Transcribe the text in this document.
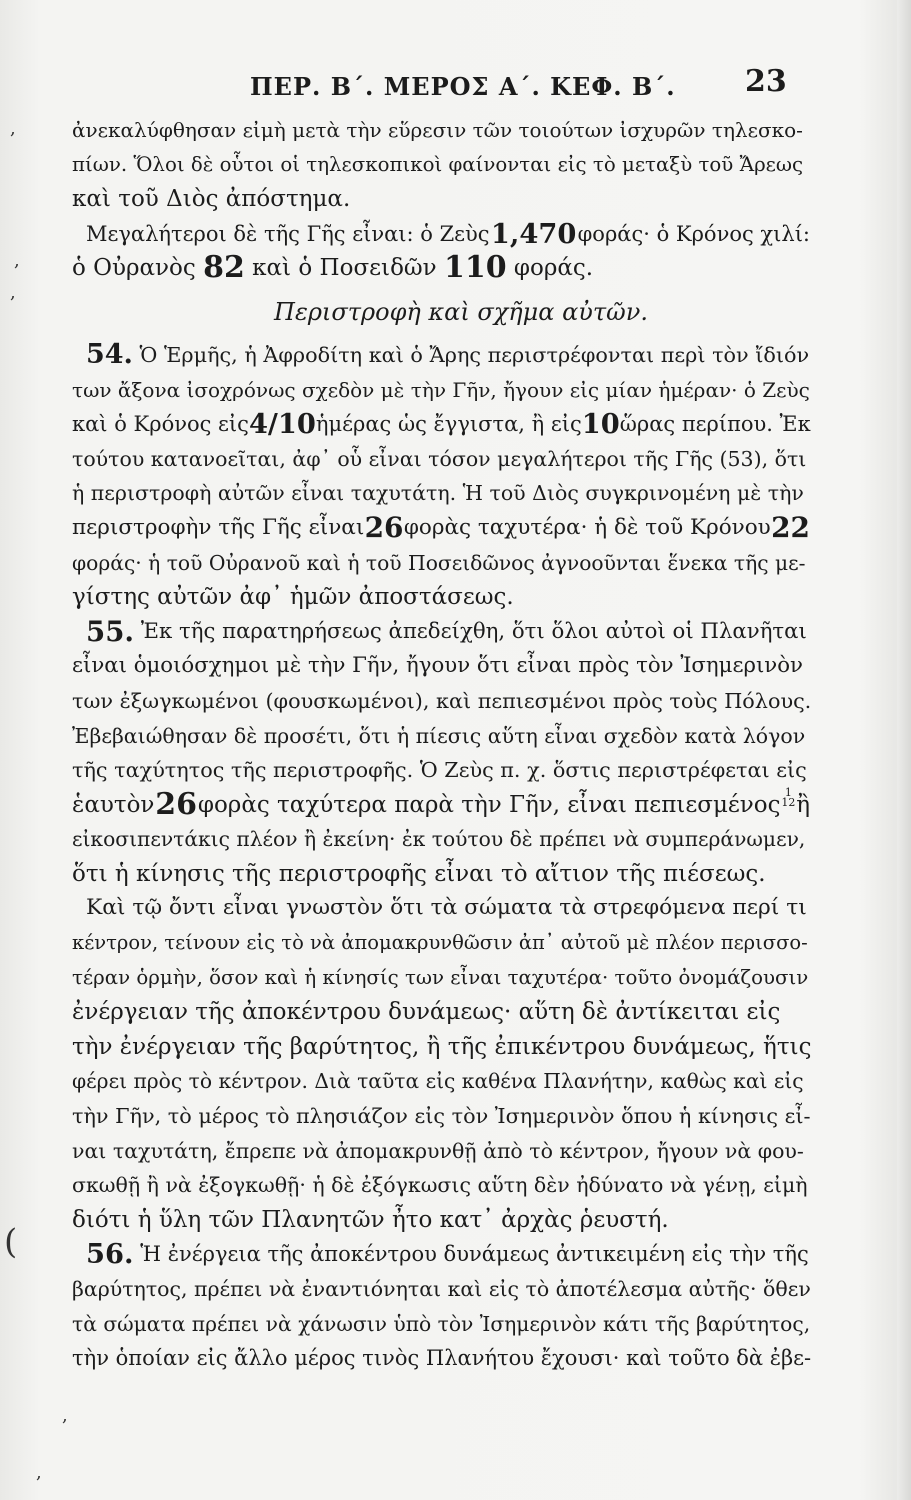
ΠΕΡ. Β΄. ΜΕΡΟΣ Α΄. ΚΕΦ. Β΄. 23
,
,
,
(
,
,
ἀνεκαλύφθησαν εἰμὴ μετὰ τὴν εὕρεσιν τῶν τοιούτων ἰσχυρῶν τηλεσκο-
πίων. Ὅλοι δὲ οὗτοι οἱ τηλεσκοπικοὶ φαίνονται εἰς τὸ μεταξὺ τοῦ Ἄρεως
καὶ τοῦ Διὸς ἀπόστημα.
Μεγαλήτεροι δὲ τῆς Γῆς εἶναι: ὁ Ζεὺς 1,470 φοράς· ὁ Κρόνος χιλί:
ὁ Οὐρανὸς
82
καὶ ὁ Ποσειδῶν
110
φοράς.
Περιστροφὴ καὶ σχῆμα αὐτῶν.
54.
Ὁ Ἑρμῆς, ἡ Ἀφροδίτη καὶ ὁ Ἄρης περιστρέφονται περὶ τὸν ἴδιόν
των ἄξονα ἰσοχρόνως σχεδὸν μὲ τὴν Γῆν, ἤγουν εἰς μίαν ἡμέραν· ὁ Ζεὺς
καὶ ὁ Κρόνος εἰς 4/10 ἡμέρας ὡς ἔγγιστα, ἢ εἰς 10 ὥρας περίπου. Ἐκ
τούτου κατανοεῖται, ἀφ᾽ οὗ εἶναι τόσον μεγαλήτεροι τῆς Γῆς (53), ὅτι
ἡ περιστροφὴ αὐτῶν εἶναι ταχυτάτη. Ἡ τοῦ Διὸς συγκρινομένη μὲ τὴν
περιστροφὴν τῆς Γῆς εἶναι 26 φορὰς ταχυτέρα· ἡ δὲ τοῦ Κρόνου 22
φοράς· ἡ τοῦ Οὐρανοῦ καὶ ἡ τοῦ Ποσειδῶνος ἀγνοοῦνται ἕνεκα τῆς με-
γίστης αὐτῶν ἀφ᾽ ἡμῶν ἀποστάσεως.
55.
Ἐκ τῆς παρατηρήσεως ἀπεδείχθη, ὅτι ὅλοι αὐτοὶ οἱ Πλανῆται
εἶναι ὁμοιόσχημοι μὲ τὴν Γῆν, ἤγουν ὅτι εἶναι πρὸς τὸν Ἰσημερινὸν
των ἐξωγκωμένοι (φουσκωμένοι), καὶ πεπιεσμένοι πρὸς τοὺς Πόλους.
Ἐβεβαιώθησαν δὲ προσέτι, ὅτι ἡ πίεσις αὕτη εἶναι σχεδὸν κατὰ λόγον
τῆς ταχύτητος τῆς περιστροφῆς. Ὁ Ζεὺς π. χ. ὅστις περιστρέφεται εἰς
ἑαυτὸν 26 φορὰς ταχύτερα παρὰ τὴν Γῆν, εἶναι πεπιεσμένος 1
12 ἢ
εἰκοσιπεντάκις πλέον ἢ ἐκείνη· ἐκ τούτου δὲ πρέπει νὰ συμπεράνωμεν,
ὅτι ἡ κίνησις τῆς περιστροφῆς εἶναι τὸ αἴτιον τῆς πιέσεως.
Καὶ τῷ ὄντι εἶναι γνωστὸν ὅτι τὰ σώματα τὰ στρεφόμενα περί τι
κέντρον, τείνουν εἰς τὸ νὰ ἀπομακρυνθῶσιν ἀπ᾽ αὐτοῦ μὲ πλέον περισσο-
τέραν ὁρμὴν, ὅσον καὶ ἡ κίνησίς των εἶναι ταχυτέρα· τοῦτο ὀνομάζουσιν
ἐνέργειαν τῆς ἀποκέντρου δυνάμεως· αὕτη δὲ ἀντίκειται εἰς
τὴν ἐνέργειαν τῆς βαρύτητος, ἢ τῆς ἐπικέντρου δυνάμεως, ἥτις
φέρει πρὸς τὸ κέντρον. Διὰ ταῦτα εἰς καθένα Πλανήτην, καθὼς καὶ εἰς
τὴν Γῆν, τὸ μέρος τὸ πλησιάζον εἰς τὸν Ἰσημερινὸν ὅπου ἡ κίνησις εἶ-
ναι ταχυτάτη, ἔπρεπε νὰ ἀπομακρυνθῇ ἀπὸ τὸ κέντρον, ἤγουν νὰ φου-
σκωθῇ ἢ νὰ ἐξογκωθῇ· ἡ δὲ ἐξόγκωσις αὕτη δὲν ἠδύνατο νὰ γένῃ, εἰμὴ
διότι ἡ ὕλη τῶν Πλανητῶν ἦτο κατ᾽ ἀρχὰς ῥευστή.
56.
Ἡ ἐνέργεια τῆς ἀποκέντρου δυνάμεως ἀντικειμένη εἰς τὴν τῆς
βαρύτητος, πρέπει νὰ ἐναντιόνηται καὶ εἰς τὸ ἀποτέλεσμα αὐτῆς· ὅθεν
τὰ σώματα πρέπει νὰ χάνωσιν ὑπὸ τὸν Ἰσημερινὸν κάτι τῆς βαρύτητος,
τὴν ὁποίαν εἰς ἄλλο μέρος τινὸς Πλανήτου ἔχουσι· καὶ τοῦτο δὰ ἐβε-
